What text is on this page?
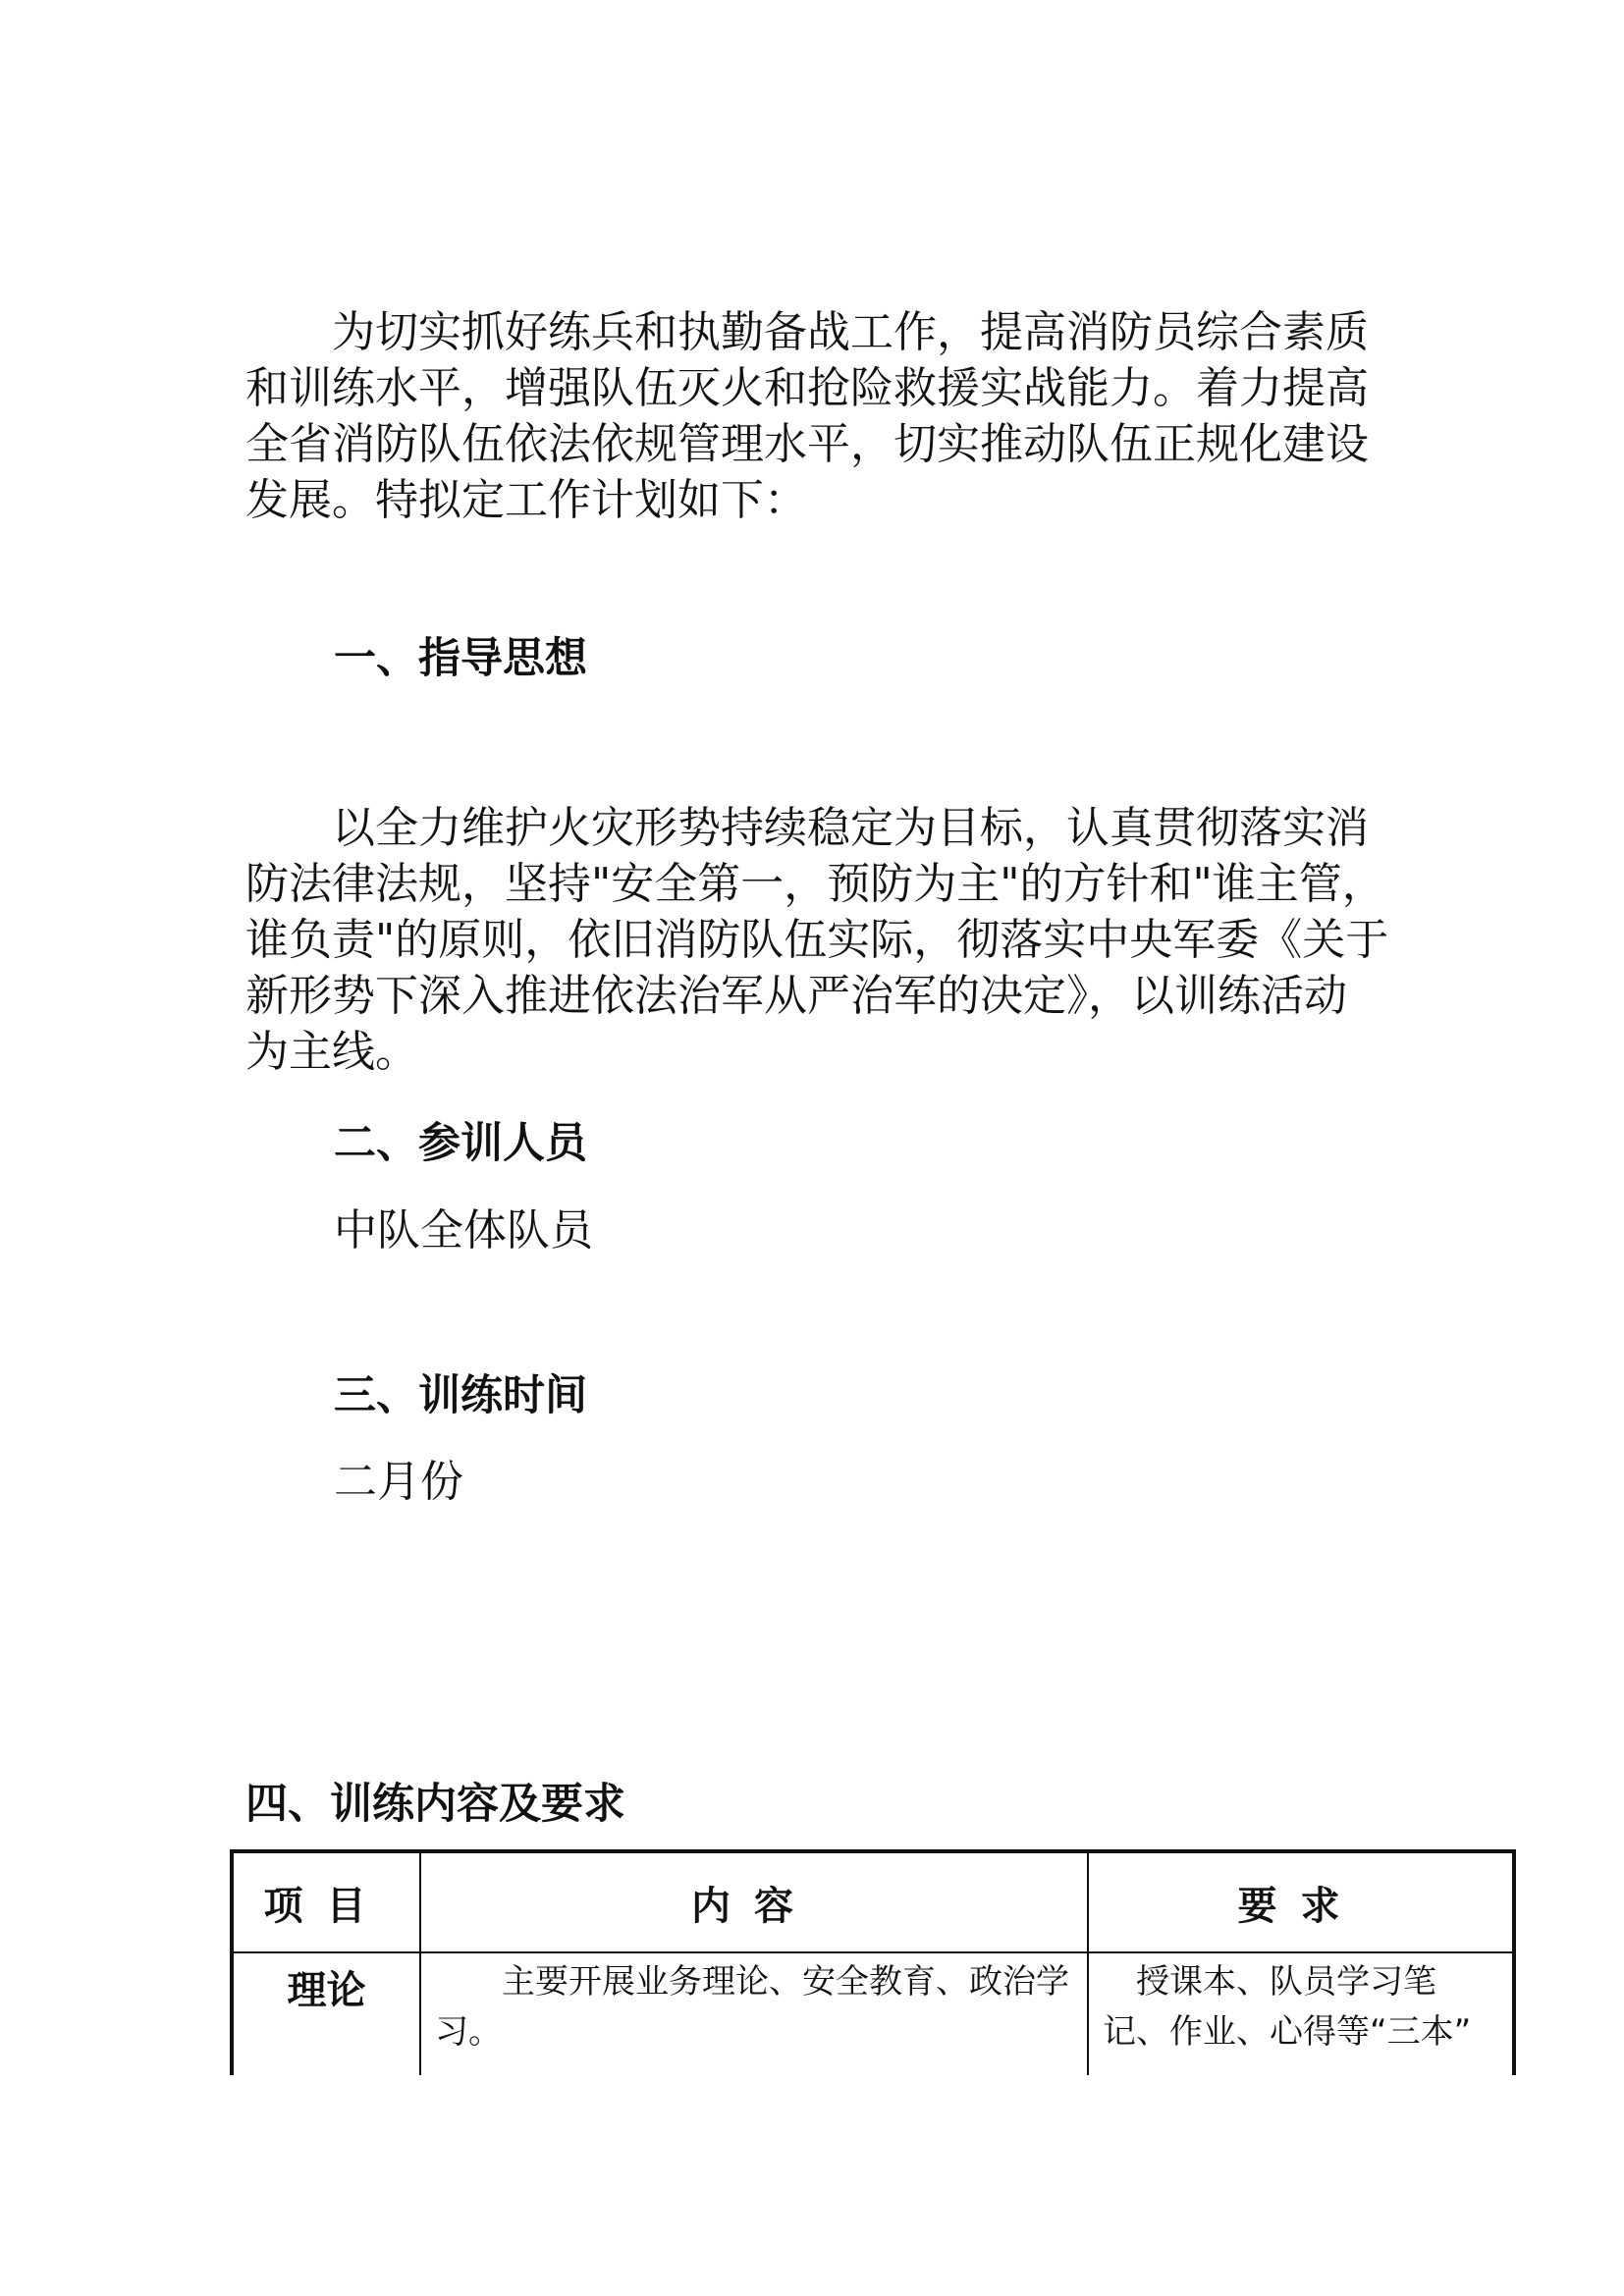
为切实抓好练兵和执勤备战工作，提高消防员综合素质和训练水平，增强队伍灭火和抢险救援实战能力。着力提高全省消防队伍依法依规管理水平，切实推动队伍正规化建设发展。特拟定工作计划如下：

一、指导思想

以全力维护火灾形势持续稳定为目标，认真贯彻落实消防法律法规，坚持"安全第一，预防为主"的方针和"谁主管，谁负责"的原则，依旧消防队伍实际，彻落实中央军委《关于新形势下深入推进依法治军从严治军的决定》，以训练活动为主线。

二、参训人员

中队全体队员

三、训练时间

二月份

四、训练内容及要求
项目	内容	要求
理论	主要开展业务理论、安全教育、政治学习。	授课本、队员学习笔记、作业、心得等“三本”
